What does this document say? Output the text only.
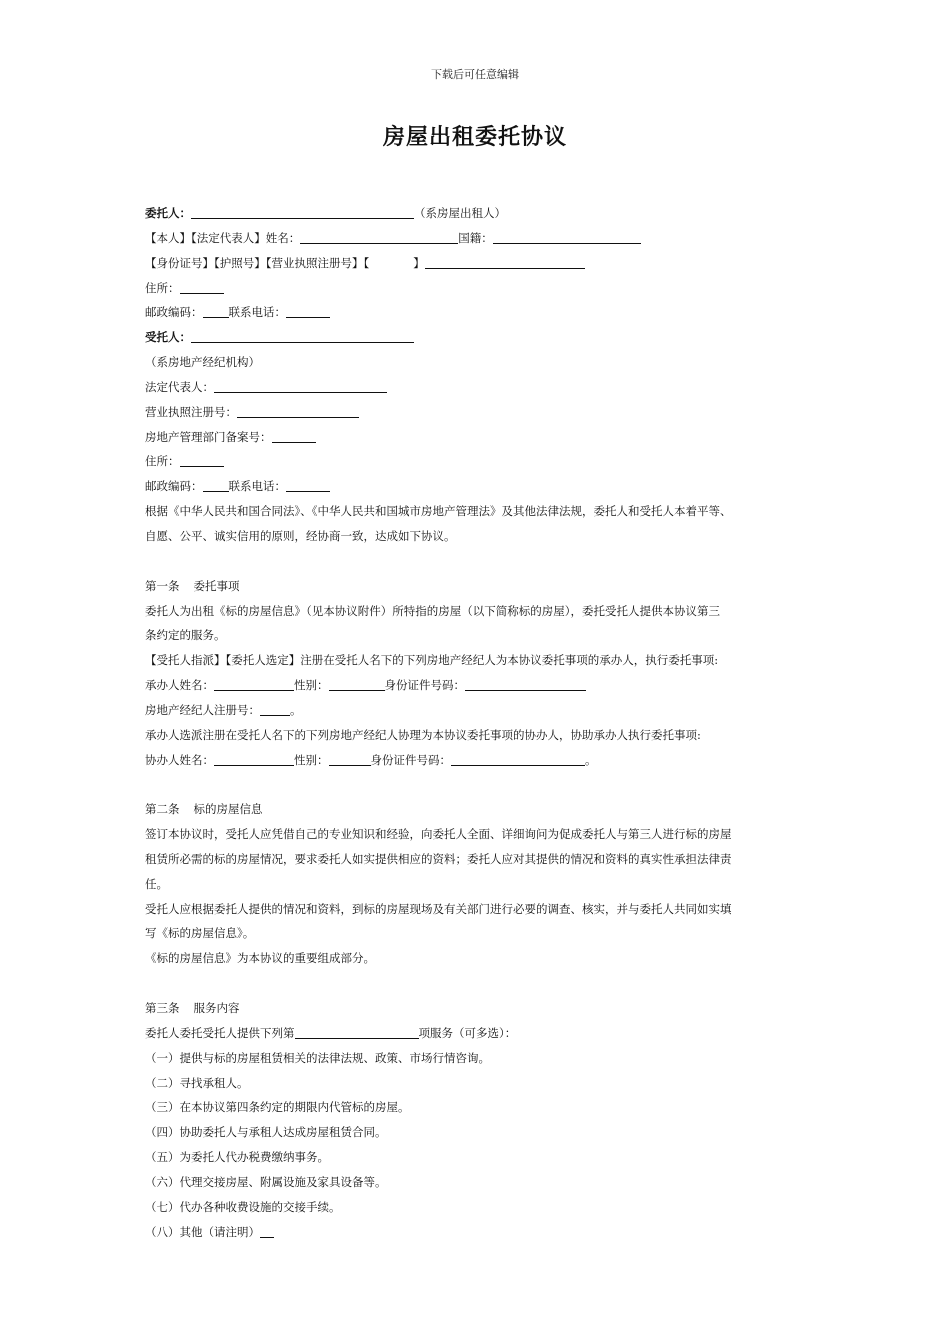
下载后可任意编辑
房屋出租委托协议
委托人：	（系房屋出租人）
【本人】【法定代表人】姓名：	国籍：
【身份证号】【护照号】【营业执照注册号】【	】
住所：
邮政编码： 联系电话：
受托人：
（系房地产经纪机构）
法定代表人：
营业执照注册号：
房地产管理部门备案号：
住所：
邮政编码： 联系电话：
根据《中华人民共和国合同法》、《中华人民共和国城市房地产管理法》及其他法律法规，委托人和受托人本着平等、
自愿、公平、诚实信用的原则，经协商一致，达成如下协议。
第一条 委托事项
委托人为出租《标的房屋信息》（见本协议附件）所特指的房屋（以下简称标的房屋），委托受托人提供本协议第三
条约定的服务。
【受托人指派】【委托人选定】注册在受托人名下的下列房地产经纪人为本协议委托事项的承办人，执行委托事项:
承办人姓名：	性别：	身份证件号码：
房地产经纪人注册号：	。
承办人选派注册在受托人名下的下列房地产经纪人协理为本协议委托事项的协办人，协助承办人执行委托事项:
协办人姓名：	性别：	身份证件号码：	。
第二条 标的房屋信息
签订本协议时，受托人应凭借自己的专业知识和经验，向委托人全面、详细询问为促成委托人与第三人进行标的房屋
租赁所必需的标的房屋情况，要求委托人如实提供相应的资料；委托人应对其提供的情况和资料的真实性承担法律责
任。
受托人应根据委托人提供的情况和资料，到标的房屋现场及有关部门进行必要的调查、核实，并与委托人共同如实填
写《标的房屋信息》。
《标的房屋信息》为本协议的重要组成部分。
第三条 服务内容
委托人委托受托人提供下列第	项服务（可多选）：
（一）提供与标的房屋租赁相关的法律法规、政策、市场行情咨询。
（二）寻找承租人。
（三）在本协议第四条约定的期限内代管标的房屋。
（四）协助委托人与承租人达成房屋租赁合同。
（五）为委托人代办税费缴纳事务。
（六）代理交接房屋、附属设施及家具设备等。
（七）代办各种收费设施的交接手续。
（八）其他（请注明）
